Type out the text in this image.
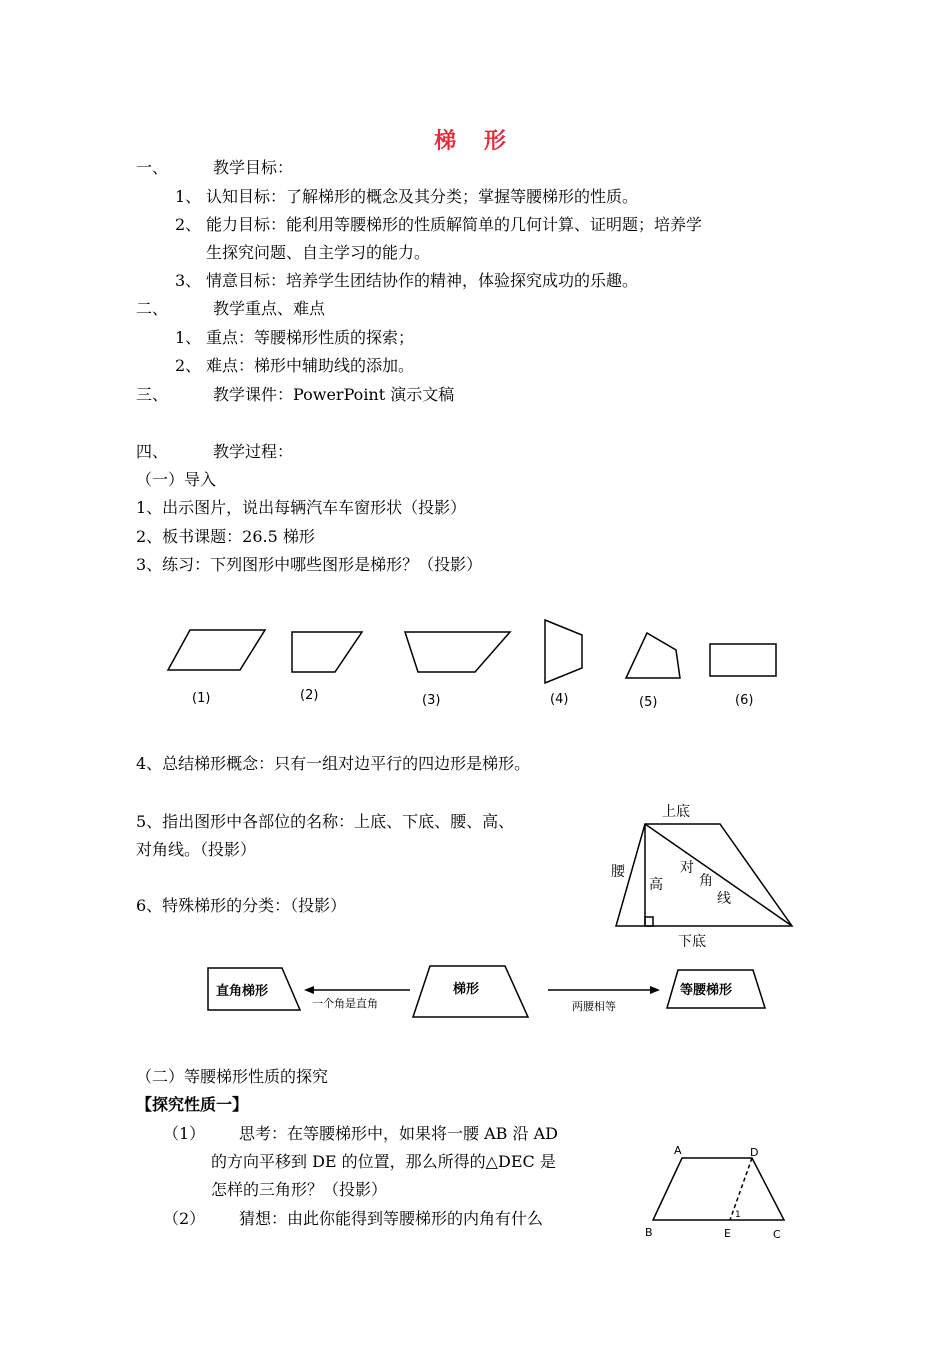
梯 形
一、	教学目标：
1、 认知目标：了解梯形的概念及其分类；掌握等腰梯形的性质。
2、 能力目标：能利用等腰梯形的性质解简单的几何计算、证明题；培养学
生探究问题、自主学习的能力。
3、 情意目标：培养学生团结协作的精神，体验探究成功的乐趣。
二、	教学重点、难点
1、 重点：等腰梯形性质的探索；
2、 难点：梯形中辅助线的添加。
三、	教学课件：PowerPoint 演示文稿
四、	教学过程：
（一）导入
1、出示图片，说出每辆汽车车窗形状（投影）
2、板书课题：26.5 梯形
3、练习：下列图形中哪些图形是梯形？（投影）
(1)	(2)	(3)	(4)	(5)	(6)
4、总结梯形概念：只有一组对边平行的四边形是梯形。
5、指出图形中各部位的名称：上底、下底、腰、高、
对角线。（投影）
6、特殊梯形的分类：（投影）
上底
下底
腰
高
对
角
线
直角梯形	梯形	等腰梯形
一个角是直角	两腰相等
（二）等腰梯形性质的探究
【探究性质一】
（1） 思考：在等腰梯形中，如果将一腰 AB 沿 AD
的方向平移到 DE 的位置，那么所得的△DEC 是
怎样的三角形？（投影）
（2） 猜想：由此你能得到等腰梯形的内角有什么
A	D
B	E	C
1
